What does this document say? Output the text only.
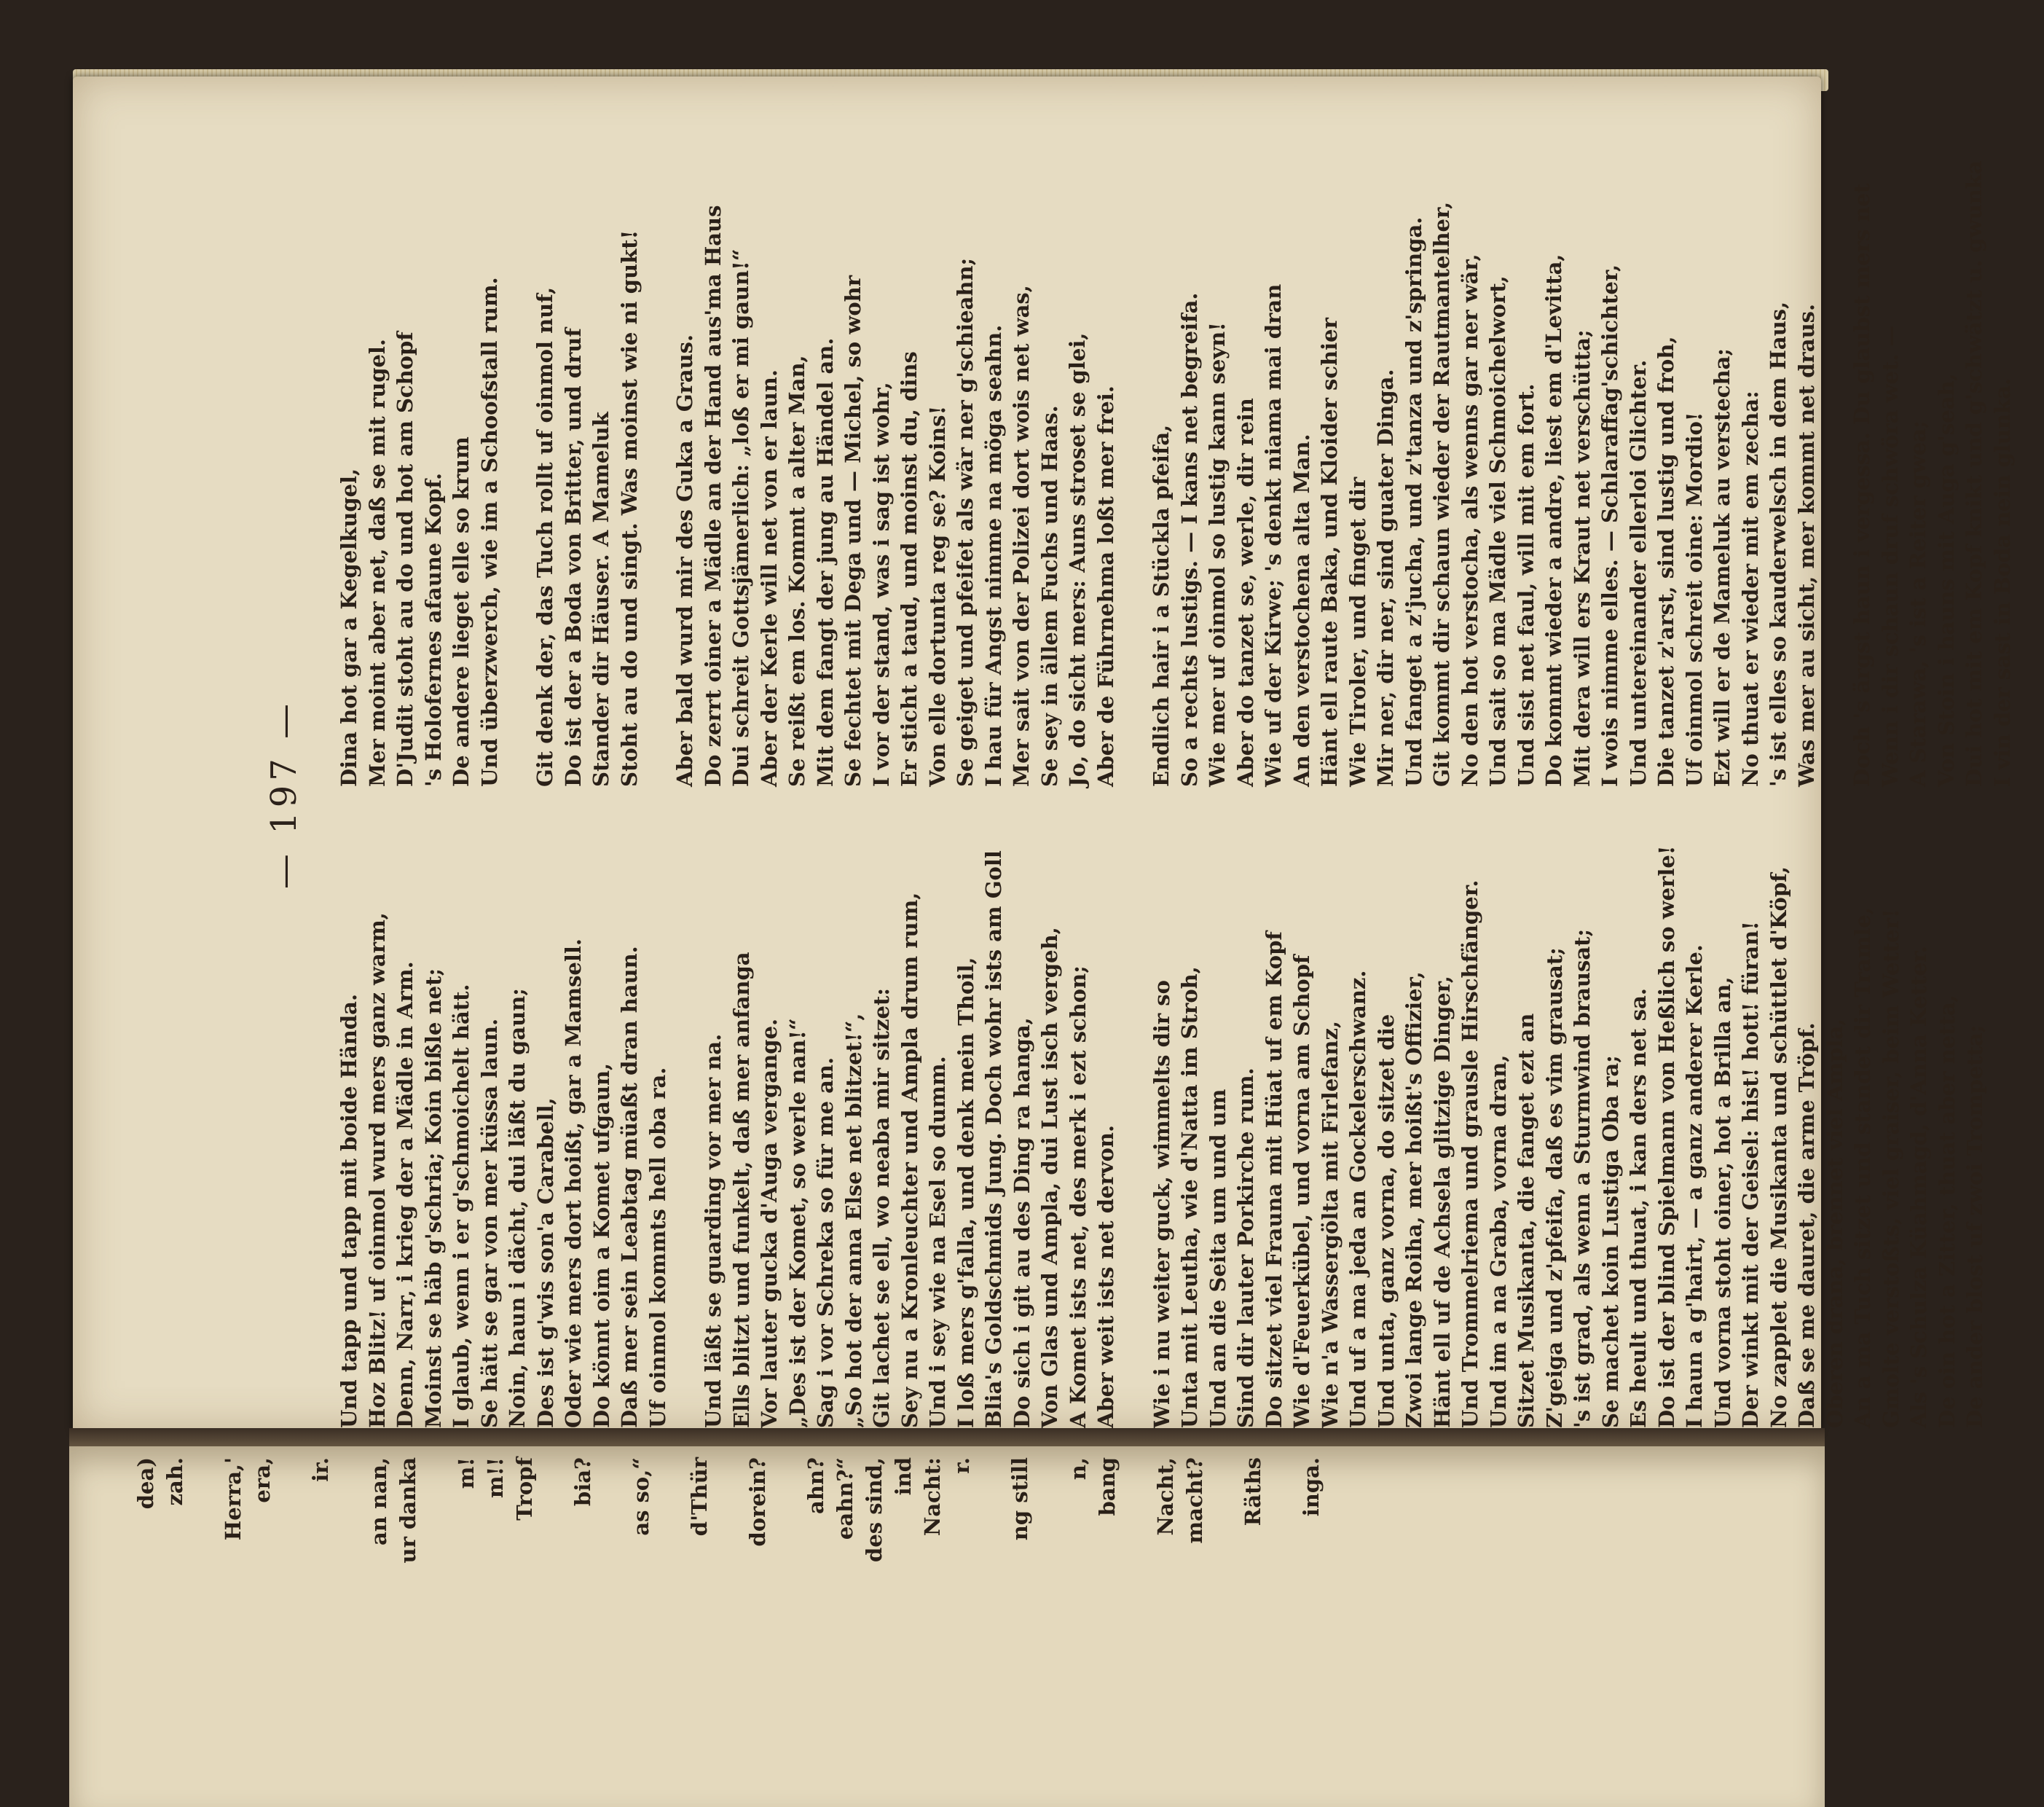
— 197 —
Und tapp und tapp mit boide Hända. Hoz Blitz! uf oinmol wurd mers ganz warm, Denn, Narr, i krieg der a Mädle in Arm. Moinst se häb g'schria; Koin bißle net; I glaub, wenn i er g'schmoichelt hätt. Se hätt se gar von mer küssa laun. Noin, haun i dächt, dui läßt du gaun; Des ist g'wis son'a Carabell, Oder wie mers dort hoißt, gar a Mamsell. Do könnt oim a Komet ufgaun, Daß mer sein Leabtag müaßt dran haun. Uf oinmol kommts hell oba ra. Und läßt se guarding vor mer na. Ells blitzt und funkelt, daß mer anfanga Vor lauter gucka d'Auga vergange. „Des ist der Komet, so werle nan!“ Sag i vor Schreka so für me an. „So hot der anna Else net blitzet!“, Git lachet se ell, wo neaba mir sitzet: Sey nu a Kronleuchter und Ampla drum rum, Und i sey wie na Esel so dumm. I loß mers g'falla, und denk mein Thoil, Blia's Goldschmids Jung. Doch wohr ists am Goll Do sich i git au des Ding ra hanga, Von Glas und Ampla, dui Lust isch vergeh, A Komet ists net, des merk i ezt schon; Aber weit ists net dervon. Wie i nu weiter guck, wimmelts dir so Unta mit Leutha, wie d'Natta im Stroh, Und an die Seita um und um Sind dir lauter Porkirche rum. Do sitzet viel Frauna mit Hüat uf em Kopf Wie d'Feuerkübel, und vorna am Schopf Wie n'a Wassergölta mit Firlefanz, Und uf a ma jeda an Gockelerschwanz. Und unta, ganz vorna, do sitzet die Zwoi lange Roiha, mer hoißt's Offizier, Hänt ell uf de Achsela glitzige Dinger, Und Trommelriema und grausle Hirschfänger. Und im a na Graba, vorna dran, Sitzet Musikanta, die fanget ezt an Z'geiga und z'pfeifa, daß es vim grausat; 's ist grad, als wenn a Sturmwind brausat; Se machet koin Lustiga Oba ra; Es heult und thuat, i kan ders net sa. Do ist der blind Spielmann von Heßlich so werle! I haun a g'hairt, — a ganz anderer Kerle. Und vorna stoht oiner, hot a Brilla an, Der winkt mit der Geisel: hist! hott! füran! No zapplet die Musikanta und schüttlet d'Köpf, Daß se me dauret, die arme Tröpf. Oberen drana, brennet viel Ampla, An a ma Tuch sitzet und standet dir Tramle, Gmolte verstoßts, viel graiser, beim Wetter! Als 's Schulza Küahmagd, d'Anna Ketter. De oin hot a Zitter, thuat aber netta, De ander blost uf zwoi Trompetta;
Dina hot gar a Kegelkugel, Mer moint aber net, daß se mit rugel. D'Judit stoht au do und hot am Schopf 's Holofernes afaune Kopf. De andere lieget elle so krum Und überzwerch, wie im a Schoofstall rum. Git denk der, das Tuch rollt uf oinmol nuf, Do ist der a Boda von Britter, und druf Stander dir Häuser. A Mameluk Stoht au do und singt. Was moinst wie ni gukt! Aber bald wurd mir des Guka a Graus. Do zerrt oiner a Mädle an der Hand aus'ma Haus Dui schreit Gottsjämerlich: „loß er mi gaun!“ Aber der Kerle will net von er laun. Se reißt em los. Kommt a alter Man, Mit dem fangt der jung au Händel an. Se fechtet mit Dega und — Michel, so wohr I vor der stand, was i sag ist wohr, Er sticht a taud, und moinst du, dins Von elle dortunta reg se? Koins! Se geiget und pfeifet als wär ner g'schieahn; I hau für Angst nimme na möga seahn. Mer sait von der Polizei dort wois net was, Se sey in ällem Fuchs und Haas. Jo, do sicht mers: Auns stroset se glei, Aber de Führnehma loßt mer frei. Endlich hair i a Stückla pfeifa, So a rechts lustigs. — I kans net begreifa. Wie mer uf oinmol so lustig kann seyn! Aber do tanzet se, werle, dir rein Wie uf der Kirwe; 's denkt niama mai dran An den verstochena alta Man. Hänt ell raute Baka, und Kloider schier Wie Tiroler, und finget dir Mir ner, dir ner, sind guater Dinga. Und fanget a z'jucha, und z'tanza und z'springa. Git kommt dir schaun wieder der Rautmantelher, No den hot verstocha, als wenns gar ner wär, Und sait so ma Mädle viel Schmoichelwort, Und sist net faul, will mit em fort. Do kommt wieder a andre, liest em d'Levitta, Mit dera will ers Kraut net verschütta; I wois nimme elles. — Schlaraffag'schichter, Und untereinander ellerloi Glichter. Die tanzet z'arst, sind lustig und froh, Uf oinmol schreit oine: Mordio! Ezt will er de Mameluk au verstecha; No thuat er wieder mit em zecha: 's ist elles so kauderwelsch in dem Haus, Was mer au sicht, mer kommt net draus. Doch 's ärgst haun i vergessa. Du glaubst mers net Wenn i dir schaun druf schwöra wet. — A Starawa, 's ist a Reiter gwea; Von Stoin i hauns mit Auga g'seah, Dui hot mit em Kopf knikt und g'schwätzt u. gwunka I vin der sast in Boda nein glunka.
dea) zah.
Herra,' era,
ir.
an nan, ur danka
m! m!! Tropf
bia?
as so,“
d'Thür
dorein?
ahn? eahn?“ des sind, ind Nacht: r.
ng still
n, bang
Nacht, macht?
Räths
inga.
